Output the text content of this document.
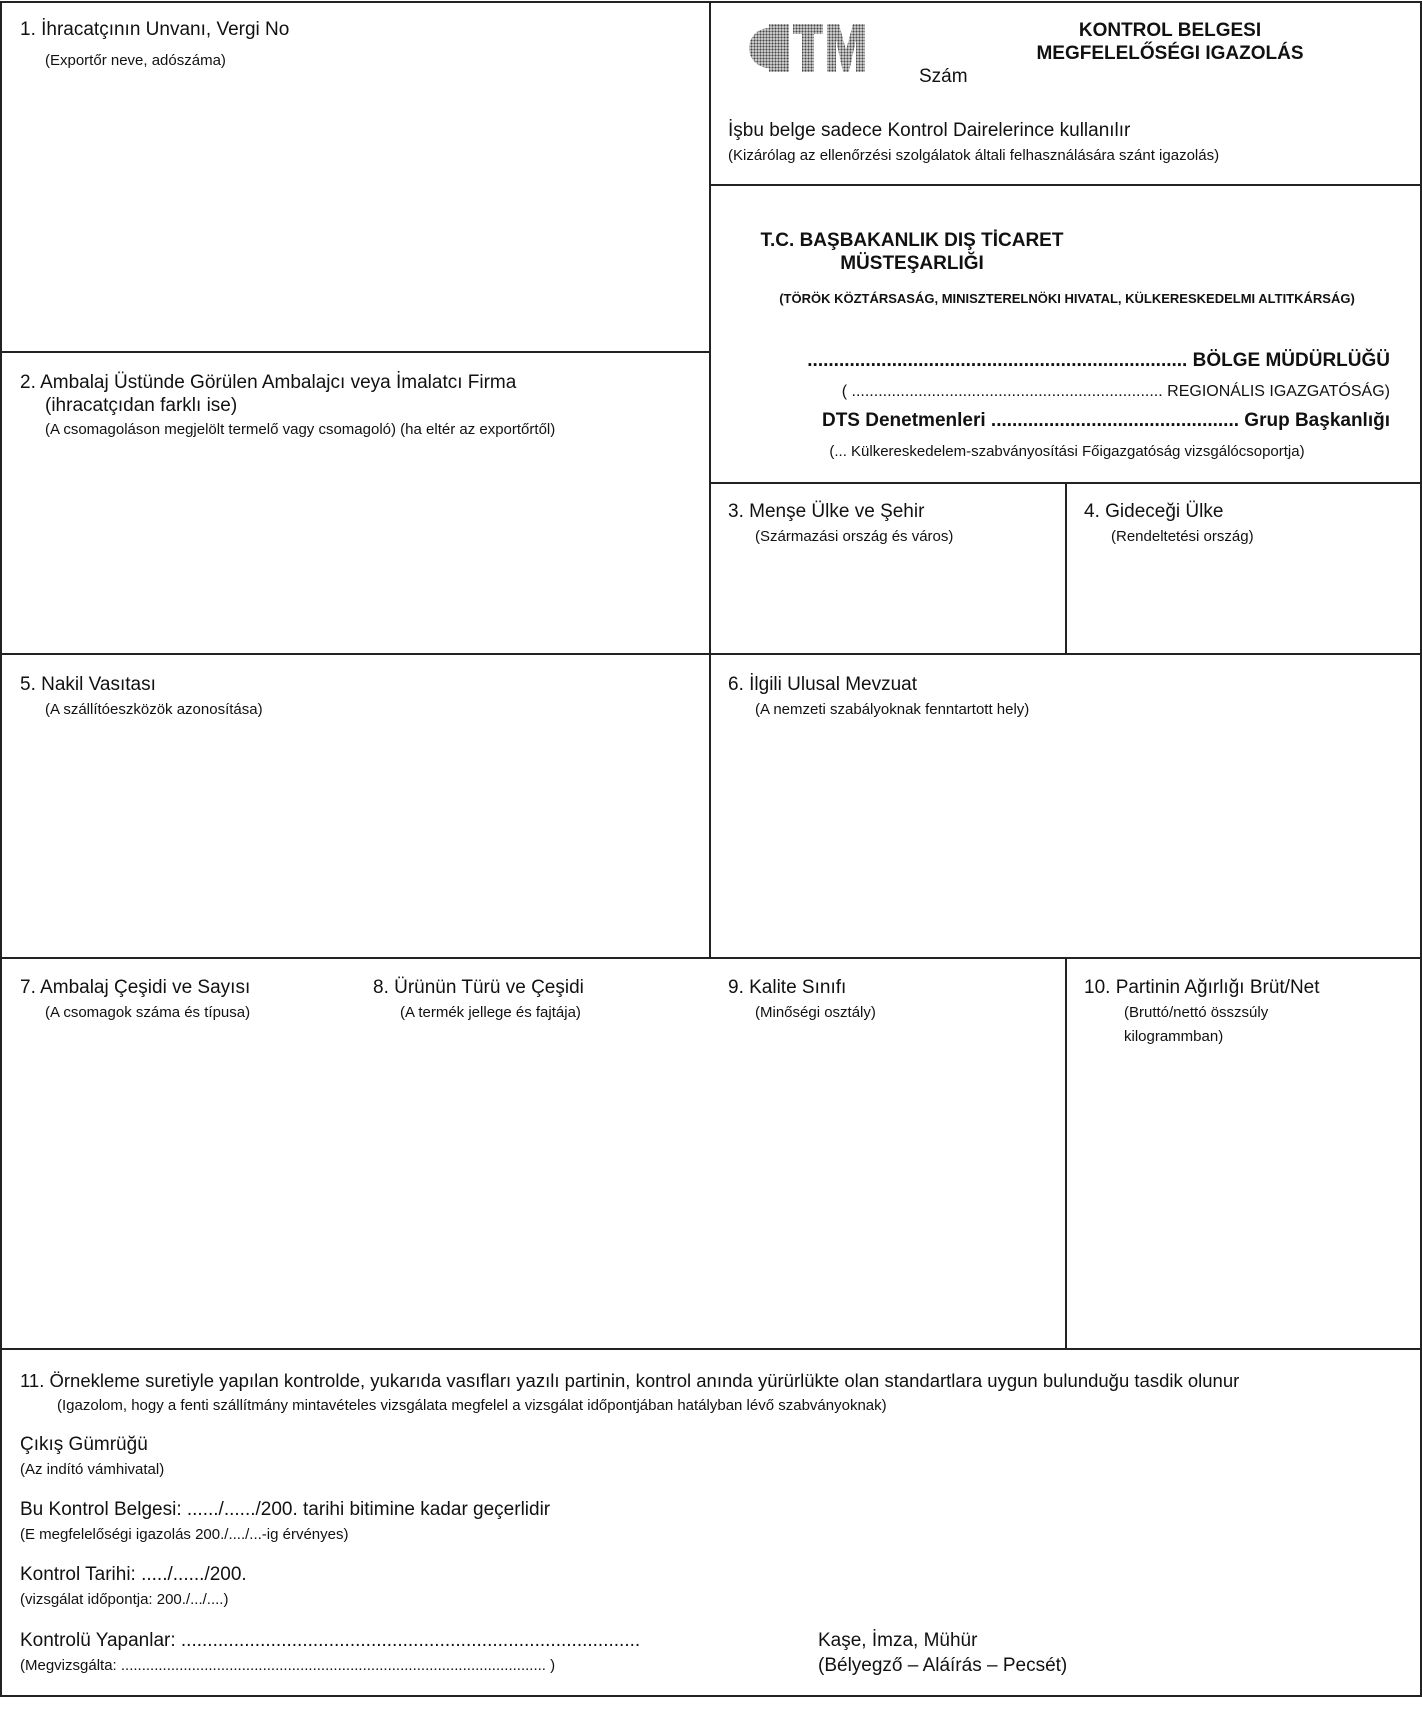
1. İhracatçının Unvanı, Vergi No
(Exportőr neve, adószáma)
Szám
KONTROL BELGESI
MEGFELELŐSÉGI IGAZOLÁS
İşbu belge sadece Kontrol Dairelerince kullanılır
(Kizárólag az ellenőrzési szolgálatok általi felhasználására szánt igazolás)
T.C. BAŞBAKANLIK DIŞ TİCARET
MÜSTEŞARLIĞI
(TÖRÖK KÖZTÁRSASÁG, MINISZTERELNÖKI HIVATAL, KÜLKERESKEDELMI ALTITKÁRSÁG)
2. Ambalaj Üstünde Görülen Ambalajcı veya İmalatcı Firma
(ihracatçıdan farklı ise)
(A csomagoláson megjelölt termelő vagy csomagoló) (ha eltér az exportőrtől)
........................................................................ BÖLGE MÜDÜRLÜĞÜ
( ...................................................................... REGIONÁLIS IGAZGATÓSÁG)
DTS Denetmenleri ............................................... Grup Başkanlığı
(... Külkereskedelem-szabványosítási Főigazgatóság vizsgálócsoportja)
3. Menşe Ülke ve Şehir
(Származási ország és város)
4. Gideceği Ülke
(Rendeltetési ország)
5. Nakil Vasıtası
(A szállítóeszközök azonosítása)
6. İlgili Ulusal Mevzuat
(A nemzeti szabályoknak fenntartott hely)
7. Ambalaj Çeşidi ve Sayısı
(A csomagok száma és típusa)
8. Ürünün Türü ve Çeşidi
(A termék jellege és fajtája)
9. Kalite Sınıfı
(Minőségi osztály)
10. Partinin Ağırlığı Brüt/Net
(Bruttó/nettó összsúly
kilogrammban)
11. Örnekleme suretiyle yapılan kontrolde, yukarıda vasıfları yazılı partinin, kontrol anında yürürlükte olan standartlara uygun bulunduğu tasdik olunur
(Igazolom, hogy a fenti szállítmány mintavételes vizsgálata megfelel a vizsgálat időpontjában hatályban lévő szabványoknak)
Çıkış Gümrüğü
(Az indító vámhivatal)
Bu Kontrol Belgesi: ....../....../200. tarihi bitimine kadar geçerlidir
(E megfelelőségi igazolás 200./..../...-ig érvényes)
Kontrol Tarihi: ...../....../200.
(vizsgálat időpontja: 200./.../....)
Kontrolü Yapanlar: .......................................................................................
(Megvizsgálta: ...................................................................................................... )
Kaşe, İmza, Mühür
(Bélyegző – Aláírás – Pecsét)
